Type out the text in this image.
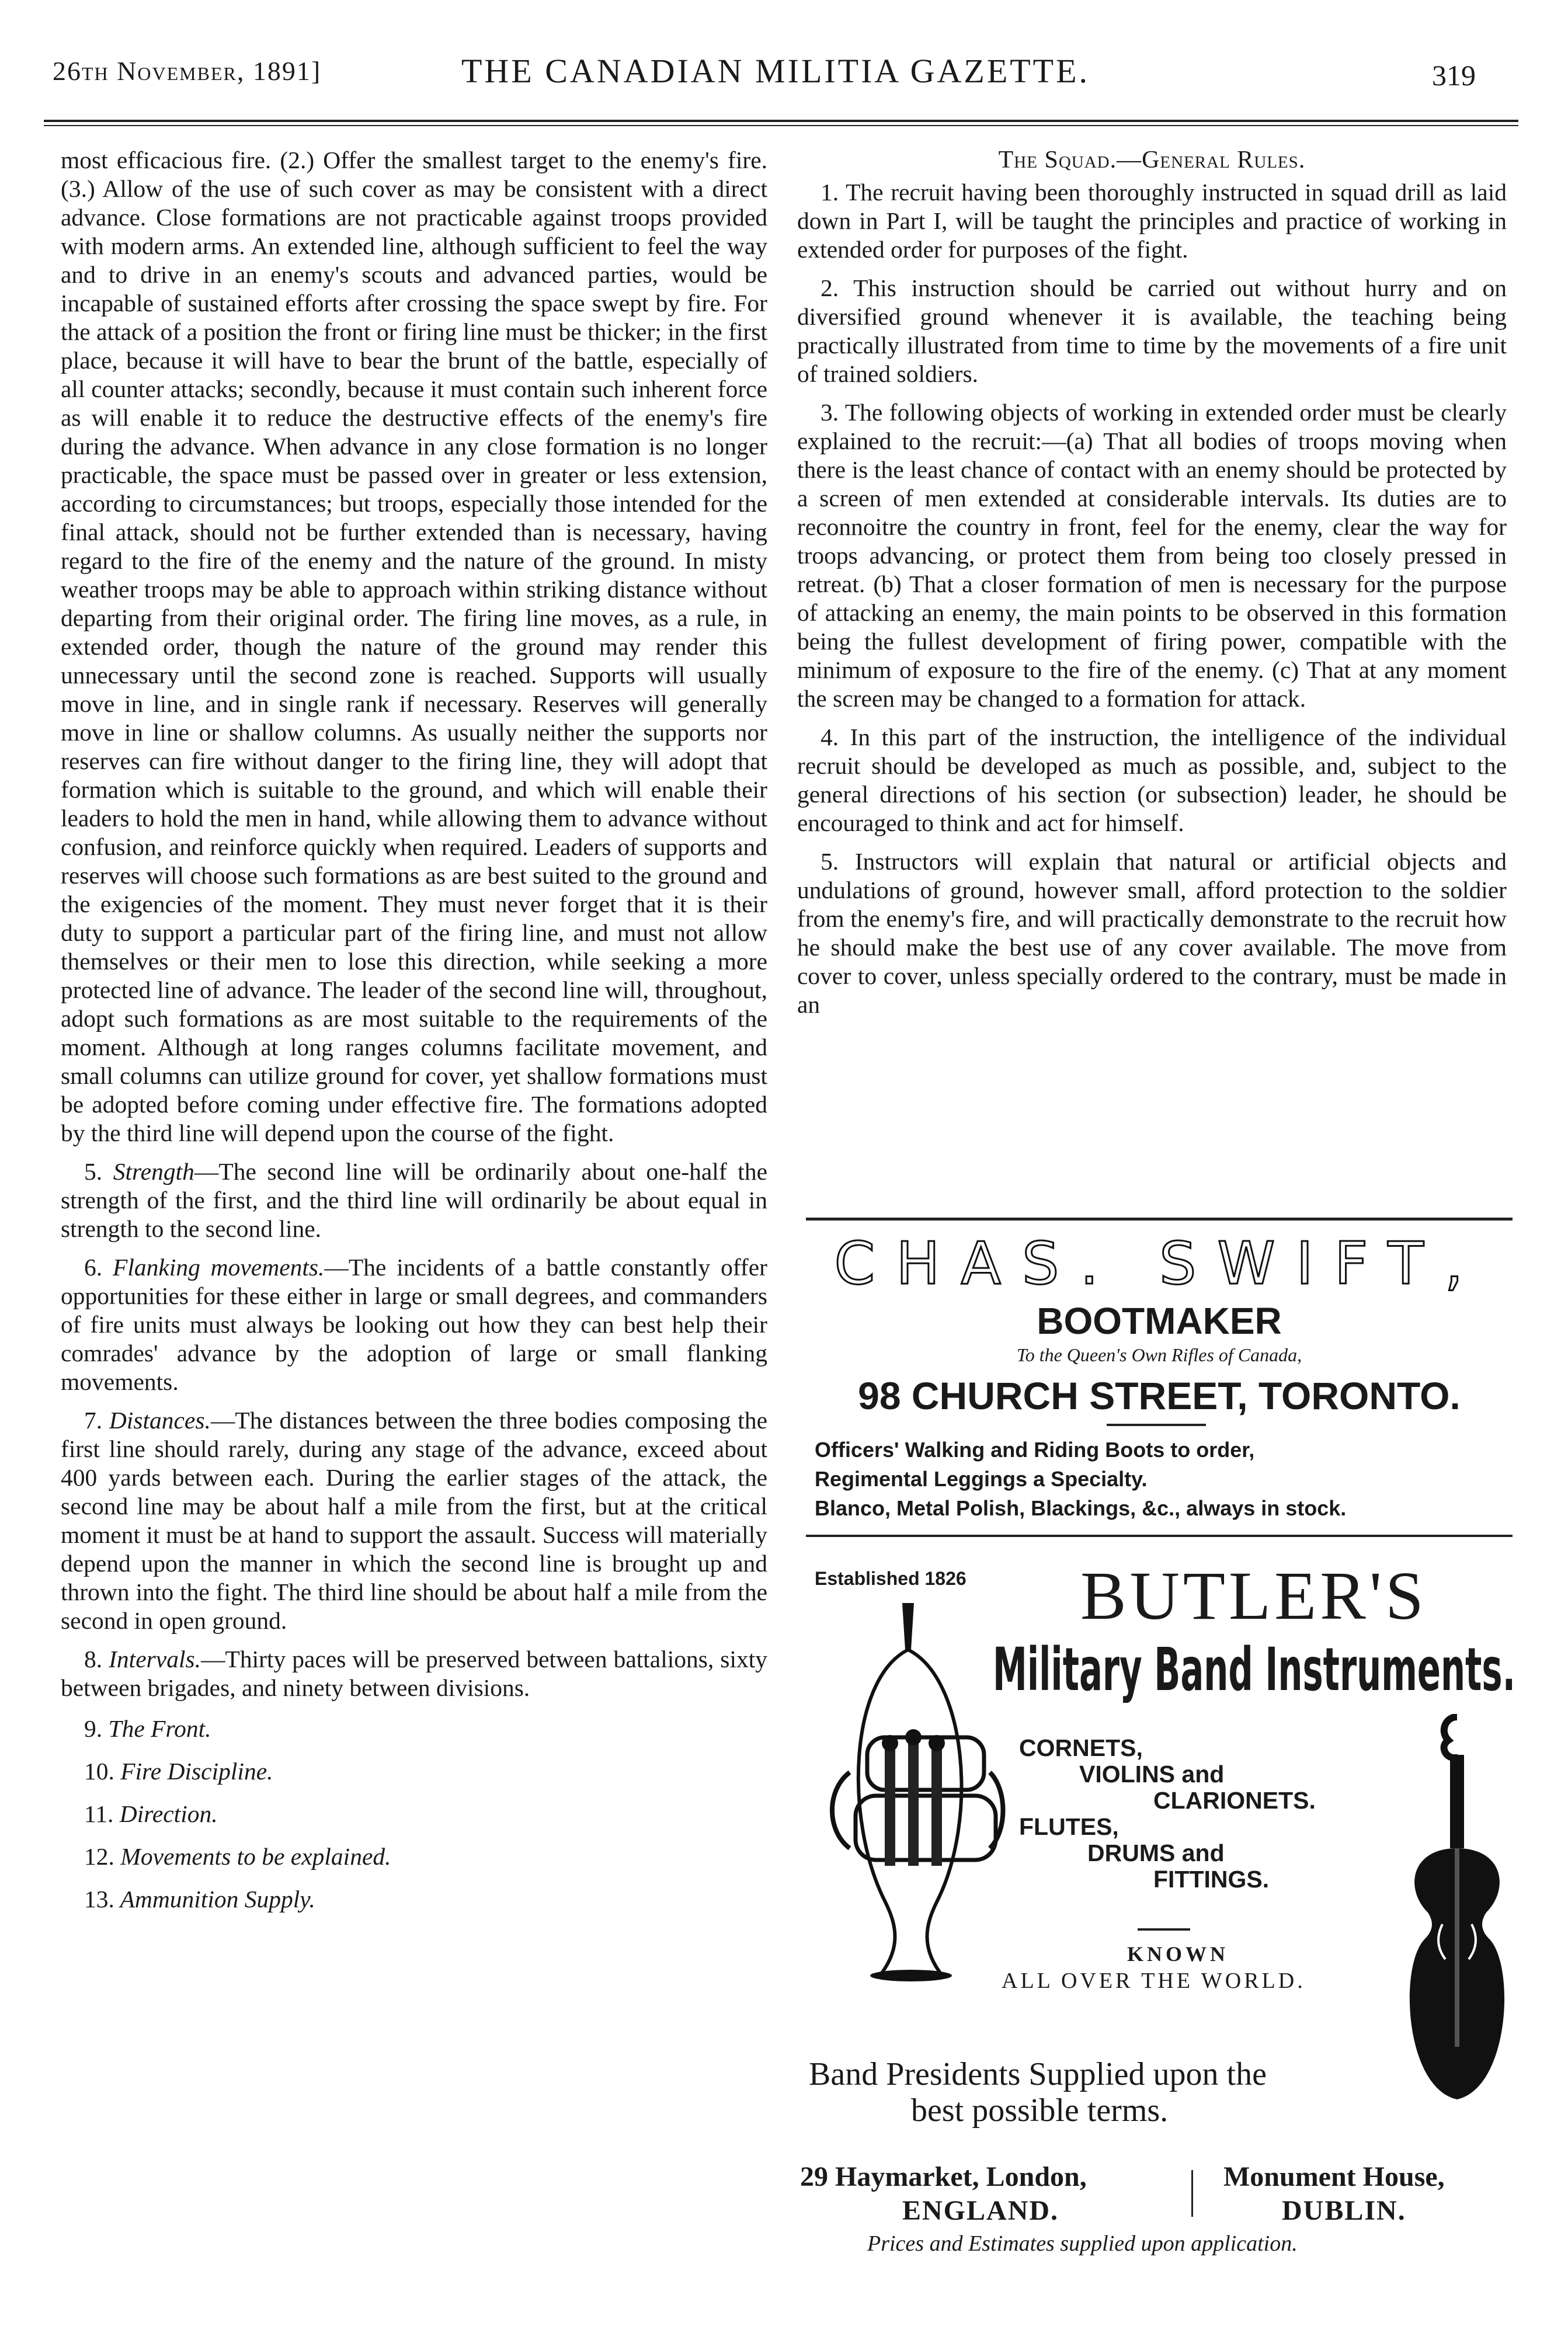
26th November, 1891]	THE CANADIAN MILITIA GAZETTE.	319

most efficacious fire. (2.) Offer the smallest target to the enemy's fire. (3.) Allow of the use of such cover as may be consistent with a direct advance. Close formations are not practicable against troops provided with modern arms. An extended line, although sufficient to feel the way and to drive in an enemy's scouts and advanced parties, would be incapable of sustained efforts after crossing the space swept by fire. For the attack of a position the front or firing line must be thicker; in the first place, because it will have to bear the brunt of the battle, especially of all counter attacks; secondly, because it must contain such inherent force as will enable it to reduce the destructive effects of the enemy's fire during the advance. When advance in any close formation is no longer practicable, the space must be passed over in greater or less extension, according to circumstances; but troops, especially those intended for the final attack, should not be further extended than is necessary, having regard to the fire of the enemy and the nature of the ground. In misty weather troops may be able to approach within striking distance without departing from their original order. The firing line moves, as a rule, in extended order, though the nature of the ground may render this unnecessary until the second zone is reached. Supports will usually move in line, and in single rank if necessary. Reserves will generally move in line or shallow columns. As usually neither the supports nor reserves can fire without danger to the firing line, they will adopt that formation which is suitable to the ground, and which will enable their leaders to hold the men in hand, while allowing them to advance without confusion, and reinforce quickly when required. Leaders of supports and reserves will choose such formations as are best suited to the ground and the exigencies of the moment. They must never forget that it is their duty to support a particular part of the firing line, and must not allow themselves or their men to lose this direction, while seeking a more protected line of advance. The leader of the second line will, throughout, adopt such formations as are most suitable to the requirements of the moment. Although at long ranges columns facilitate movement, and small columns can utilize ground for cover, yet shallow formations must be adopted before coming under effective fire. The formations adopted by the third line will depend upon the course of the fight.

5. Strength—The second line will be ordinarily about one-half the strength of the first, and the third line will ordinarily be about equal in strength to the second line.

6. Flanking movements.—The incidents of a battle constantly offer opportunities for these either in large or small degrees, and commanders of fire units must always be looking out how they can best help their comrades' advance by the adoption of large or small flanking movements.

7. Distances.—The distances between the three bodies composing the first line should rarely, during any stage of the advance, exceed about 400 yards between each. During the earlier stages of the attack, the second line may be about half a mile from the first, but at the critical moment it must be at hand to support the assault. Success will materially depend upon the manner in which the second line is brought up and thrown into the fight. The third line should be about half a mile from the second in open ground.

8. Intervals.—Thirty paces will be preserved between battalions, sixty between brigades, and ninety between divisions.

9. The Front.

10. Fire Discipline.

11. Direction.

12. Movements to be explained.

13. Ammunition Supply.

The Squad.—General Rules.

1. The recruit having been thoroughly instructed in squad drill as laid down in Part I, will be taught the principles and practice of working in extended order for purposes of the fight.

2. This instruction should be carried out without hurry and on diversified ground whenever it is available, the teaching being practically illustrated from time to time by the movements of a fire unit of trained soldiers.

3. The following objects of working in extended order must be clearly explained to the recruit:—(a) That all bodies of troops moving when there is the least chance of contact with an enemy should be protected by a screen of men extended at considerable intervals. Its duties are to reconnoitre the country in front, feel for the enemy, clear the way for troops advancing, or protect them from being too closely pressed in retreat. (b) That a closer formation of men is necessary for the purpose of attacking an enemy, the main points to be observed in this formation being the fullest development of firing power, compatible with the minimum of exposure to the fire of the enemy. (c) That at any moment the screen may be changed to a formation for attack.

4. In this part of the instruction, the intelligence of the individual recruit should be developed as much as possible, and, subject to the general directions of his section (or subsection) leader, he should be encouraged to think and act for himself.

5. Instructors will explain that natural or artificial objects and undulations of ground, however small, afford protection to the soldier from the enemy's fire, and will practically demonstrate to the recruit how he should make the best use of any cover available. The move from cover to cover, unless specially ordered to the contrary, must be made in an

CHAS. SWIFT,
BOOTMAKER
To the Queen's Own Rifles of Canada,
98 CHURCH STREET, TORONTO.
Officers' Walking and Riding Boots to order,
Regimental Leggings a Specialty.
Blanco, Metal Polish, Blackings, &c., always in stock.
Established 1826 BUTLER'S
Military Band Instruments.
CORNETS,
VIOLINS and
CLARIONETS.
FLUTES,
DRUMS and
FITTINGS.
KNOWN
ALL OVER THE WORLD.
Band Presidents Supplied upon the
best possible terms.
29 Haymarket, London,
ENGLAND.
Monument House,
DUBLIN.
Prices and Estimates supplied upon application.
